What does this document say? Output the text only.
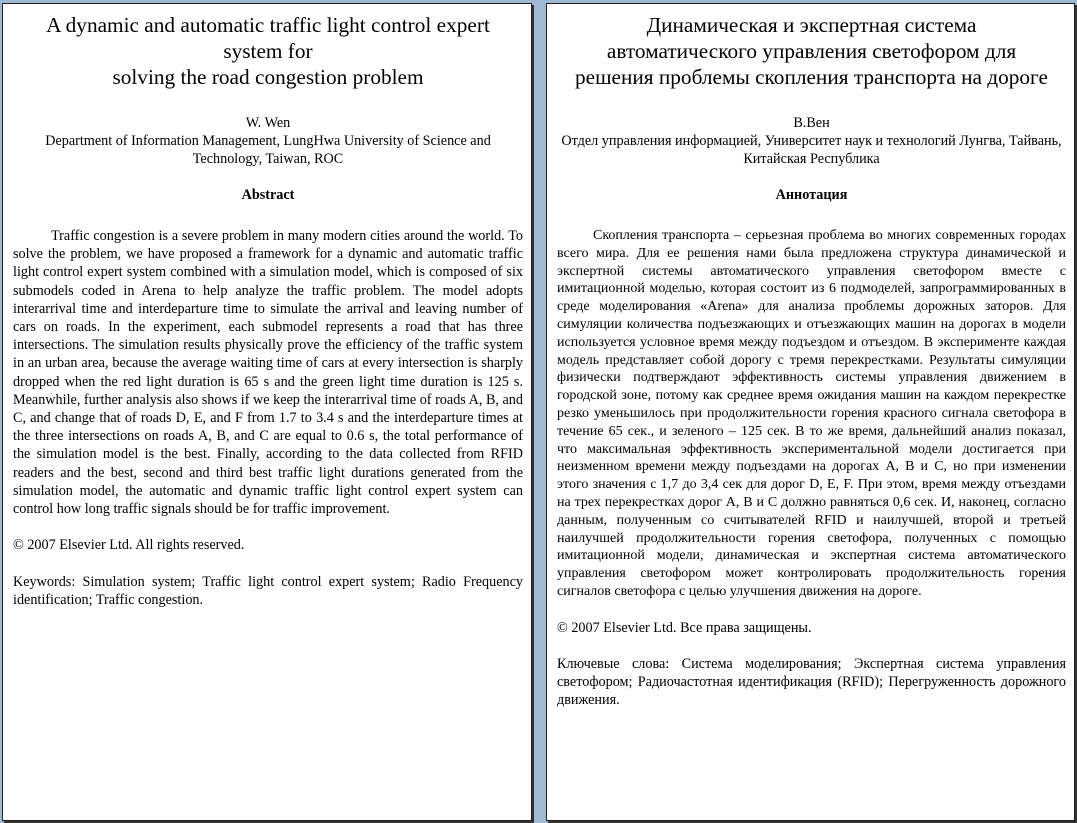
A dynamic and automatic traffic light control expert
system for
solving the road congestion problem
W. Wen
Department of Information Management, LungHwa University of Science and Technology, Taiwan, ROC
Abstract
Traffic congestion is a severe problem in many modern cities around the world. To solve the problem, we have proposed a framework for a dynamic and automatic traffic light control expert system combined with a simulation model, which is composed of six submodels coded in Arena to help analyze the traffic problem. The model adopts interarrival time and interdeparture time to simulate the arrival and leaving number of cars on roads. In the experiment, each submodel represents a road that has three intersections. The simulation results physically prove the efficiency of the traffic system in an urban area, because the average waiting time of cars at every intersection is sharply dropped when the red light duration is 65 s and the green light time duration is 125 s. Meanwhile, further analysis also shows if we keep the interarrival time of roads A, B, and C, and change that of roads D, E, and F from 1.7 to 3.4 s and the interdeparture times at the three intersections on roads A, B, and C are equal to 0.6 s, the total performance of the simulation model is the best. Finally, according to the data collected from RFID readers and the best, second and third best traffic light durations generated from the simulation model, the automatic and dynamic traffic light control expert system can control how long traffic signals should be for traffic improvement.
© 2007 Elsevier Ltd. All rights reserved.
Keywords: Simulation system; Traffic light control expert system; Radio Frequency identification; Traffic congestion.
Динамическая и экспертная система
автоматического управления светофором для
решения проблемы скопления транспорта на дороге
В.Вен
Отдел управления информацией, Университет наук и технологий Лунгва, Тайвань, Китайская Республика
Аннотация
Скопления транспорта – серьезная проблема во многих современных городах всего мира. Для ее решения нами была предложена структура динамической и экспертной системы автоматического управления светофором вместе с имитационной моделью, которая состоит из 6 подмоделей, запрограммированных в среде моделирования «Arena» для анализа проблемы дорожных заторов. Для симуляции количества подъезжающих и отъезжающих машин на дорогах в модели используется условное время между подъездом и отъездом. В эксперименте каждая модель представляет собой дорогу с тремя перекрестками. Результаты симуляции физически подтверждают эффективность системы управления движением в городской зоне, потому как среднее время ожидания машин на каждом перекрестке резко уменьшилось при продолжительности горения красного сигнала светофора в течение 65 сек., и зеленого – 125 сек. В то же время, дальнейший анализ показал, что максимальная эффективность экспериментальной модели достигается при неизменном времени между подъездами на дорогах А, В и С, но при изменении этого значения с 1,7 до 3,4 сек для дорог D, E, F. При этом, время между отъездами на трех перекрестках дорог А, В и С должно равняться 0,6 сек. И, наконец, согласно данным, полученным со считывателей RFID и наилучшей, второй и третьей наилучшей продолжительности горения светофора, полученных с помощью имитационной модели, динамическая и экспертная система автоматического управления светофором может контролировать продолжительность горения сигналов светофора с целью улучшения движения на дороге.
© 2007 Elsevier Ltd. Все права защищены.
Ключевые слова: Система моделирования; Экспертная система управления светофором; Радиочастотная идентификация (RFID); Перегруженность дорожного движения.
